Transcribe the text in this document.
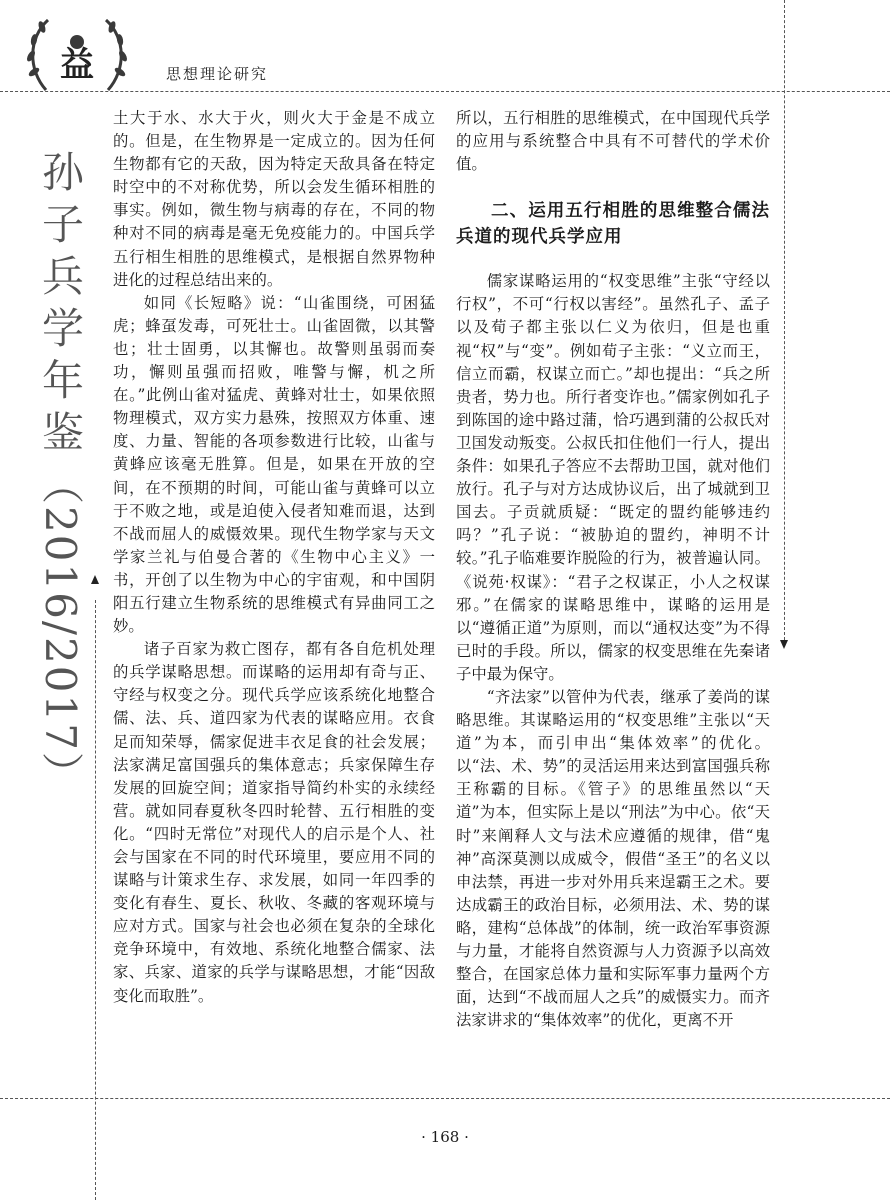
益	思想理论研究
孙子兵学年鉴（2016/2017）

土大于水、水大于火，则火大于金是不成立的。但是，在生物界是一定成立的。因为任何生物都有它的天敌，因为特定天敌具备在特定时空中的不对称优势，所以会发生循环相胜的事实。例如，微生物与病毒的存在，不同的物种对不同的病毒是毫无免疫能力的。中国兵学五行相生相胜的思维模式，是根据自然界物种进化的过程总结出来的。

如同《长短略》说：“山雀围绕，可困猛虎；蜂虿发毒，可死壮士。山雀固微，以其警也；壮士固勇，以其懈也。故警则虽弱而奏功，懈则虽强而招败，唯警与懈，机之所在。”此例山雀对猛虎、黄蜂对壮士，如果依照物理模式，双方实力悬殊，按照双方体重、速度、力量、智能的各项参数进行比较，山雀与黄蜂应该毫无胜算。但是，如果在开放的空间，在不预期的时间，可能山雀与黄蜂可以立于不败之地，或是迫使入侵者知难而退，达到不战而屈人的威慑效果。现代生物学家与天文学家兰礼与伯曼合著的《生物中心主义》一书，开创了以生物为中心的宇宙观，和中国阴阳五行建立生物系统的思维模式有异曲同工之妙。

诸子百家为救亡图存，都有各自危机处理的兵学谋略思想。而谋略的运用却有奇与正、守经与权变之分。现代兵学应该系统化地整合儒、法、兵、道四家为代表的谋略应用。衣食足而知荣辱，儒家促进丰衣足食的社会发展；法家满足富国强兵的集体意志；兵家保障生存发展的回旋空间；道家指导简约朴实的永续经营。就如同春夏秋冬四时轮替、五行相胜的变化。“四时无常位”对现代人的启示是个人、社会与国家在不同的时代环境里，要应用不同的谋略与计策求生存、求发展，如同一年四季的变化有春生、夏长、秋收、冬藏的客观环境与应对方式。国家与社会也必须在复杂的全球化竞争环境中，有效地、系统化地整合儒家、法家、兵家、道家的兵学与谋略思想，才能“因敌变化而取胜”。

所以，五行相胜的思维模式，在中国现代兵学的应用与系统整合中具有不可替代的学术价值。

二、运用五行相胜的思维整合儒法兵道的现代兵学应用

儒家谋略运用的“权变思维”主张“守经以行权”，不可“行权以害经”。虽然孔子、孟子以及荀子都主张以仁义为依归，但是也重视“权”与“变”。例如荀子主张：“义立而王，信立而霸，权谋立而亡。”却也提出：“兵之所贵者，势力也。所行者变诈也。”儒家例如孔子到陈国的途中路过蒲，恰巧遇到蒲的公叔氏对卫国发动叛变。公叔氏扣住他们一行人，提出条件：如果孔子答应不去帮助卫国，就对他们放行。孔子与对方达成协议后，出了城就到卫国去。子贡就质疑：“既定的盟约能够违约吗？”孔子说：“被胁迫的盟约，神明不计较。”孔子临难要诈脱险的行为，被普遍认同。《说苑·权谋》：“君子之权谋正，小人之权谋邪。”在儒家的谋略思维中，谋略的运用是以“遵循正道”为原则，而以“通权达变”为不得已时的手段。所以，儒家的权变思维在先秦诸子中最为保守。

“齐法家”以管仲为代表，继承了姜尚的谋略思维。其谋略运用的“权变思维”主张以“天道”为本，而引申出“集体效率”的优化。以“法、术、势”的灵活运用来达到富国强兵称王称霸的目标。《管子》的思维虽然以“天道”为本，但实际上是以“刑法”为中心。依“天时”来阐释人文与法术应遵循的规律，借“鬼神”高深莫测以成威令，假借“圣王”的名义以申法禁，再进一步对外用兵来逞霸王之术。要达成霸王的政治目标，必须用法、术、势的谋略，建构“总体战”的体制，统一政治军事资源与力量，才能将自然资源与人力资源予以高效整合，在国家总体力量和实际军事力量两个方面，达到“不战而屈人之兵”的威慑实力。而齐法家讲求的“集体效率”的优化，更离不开

· 168 ·
